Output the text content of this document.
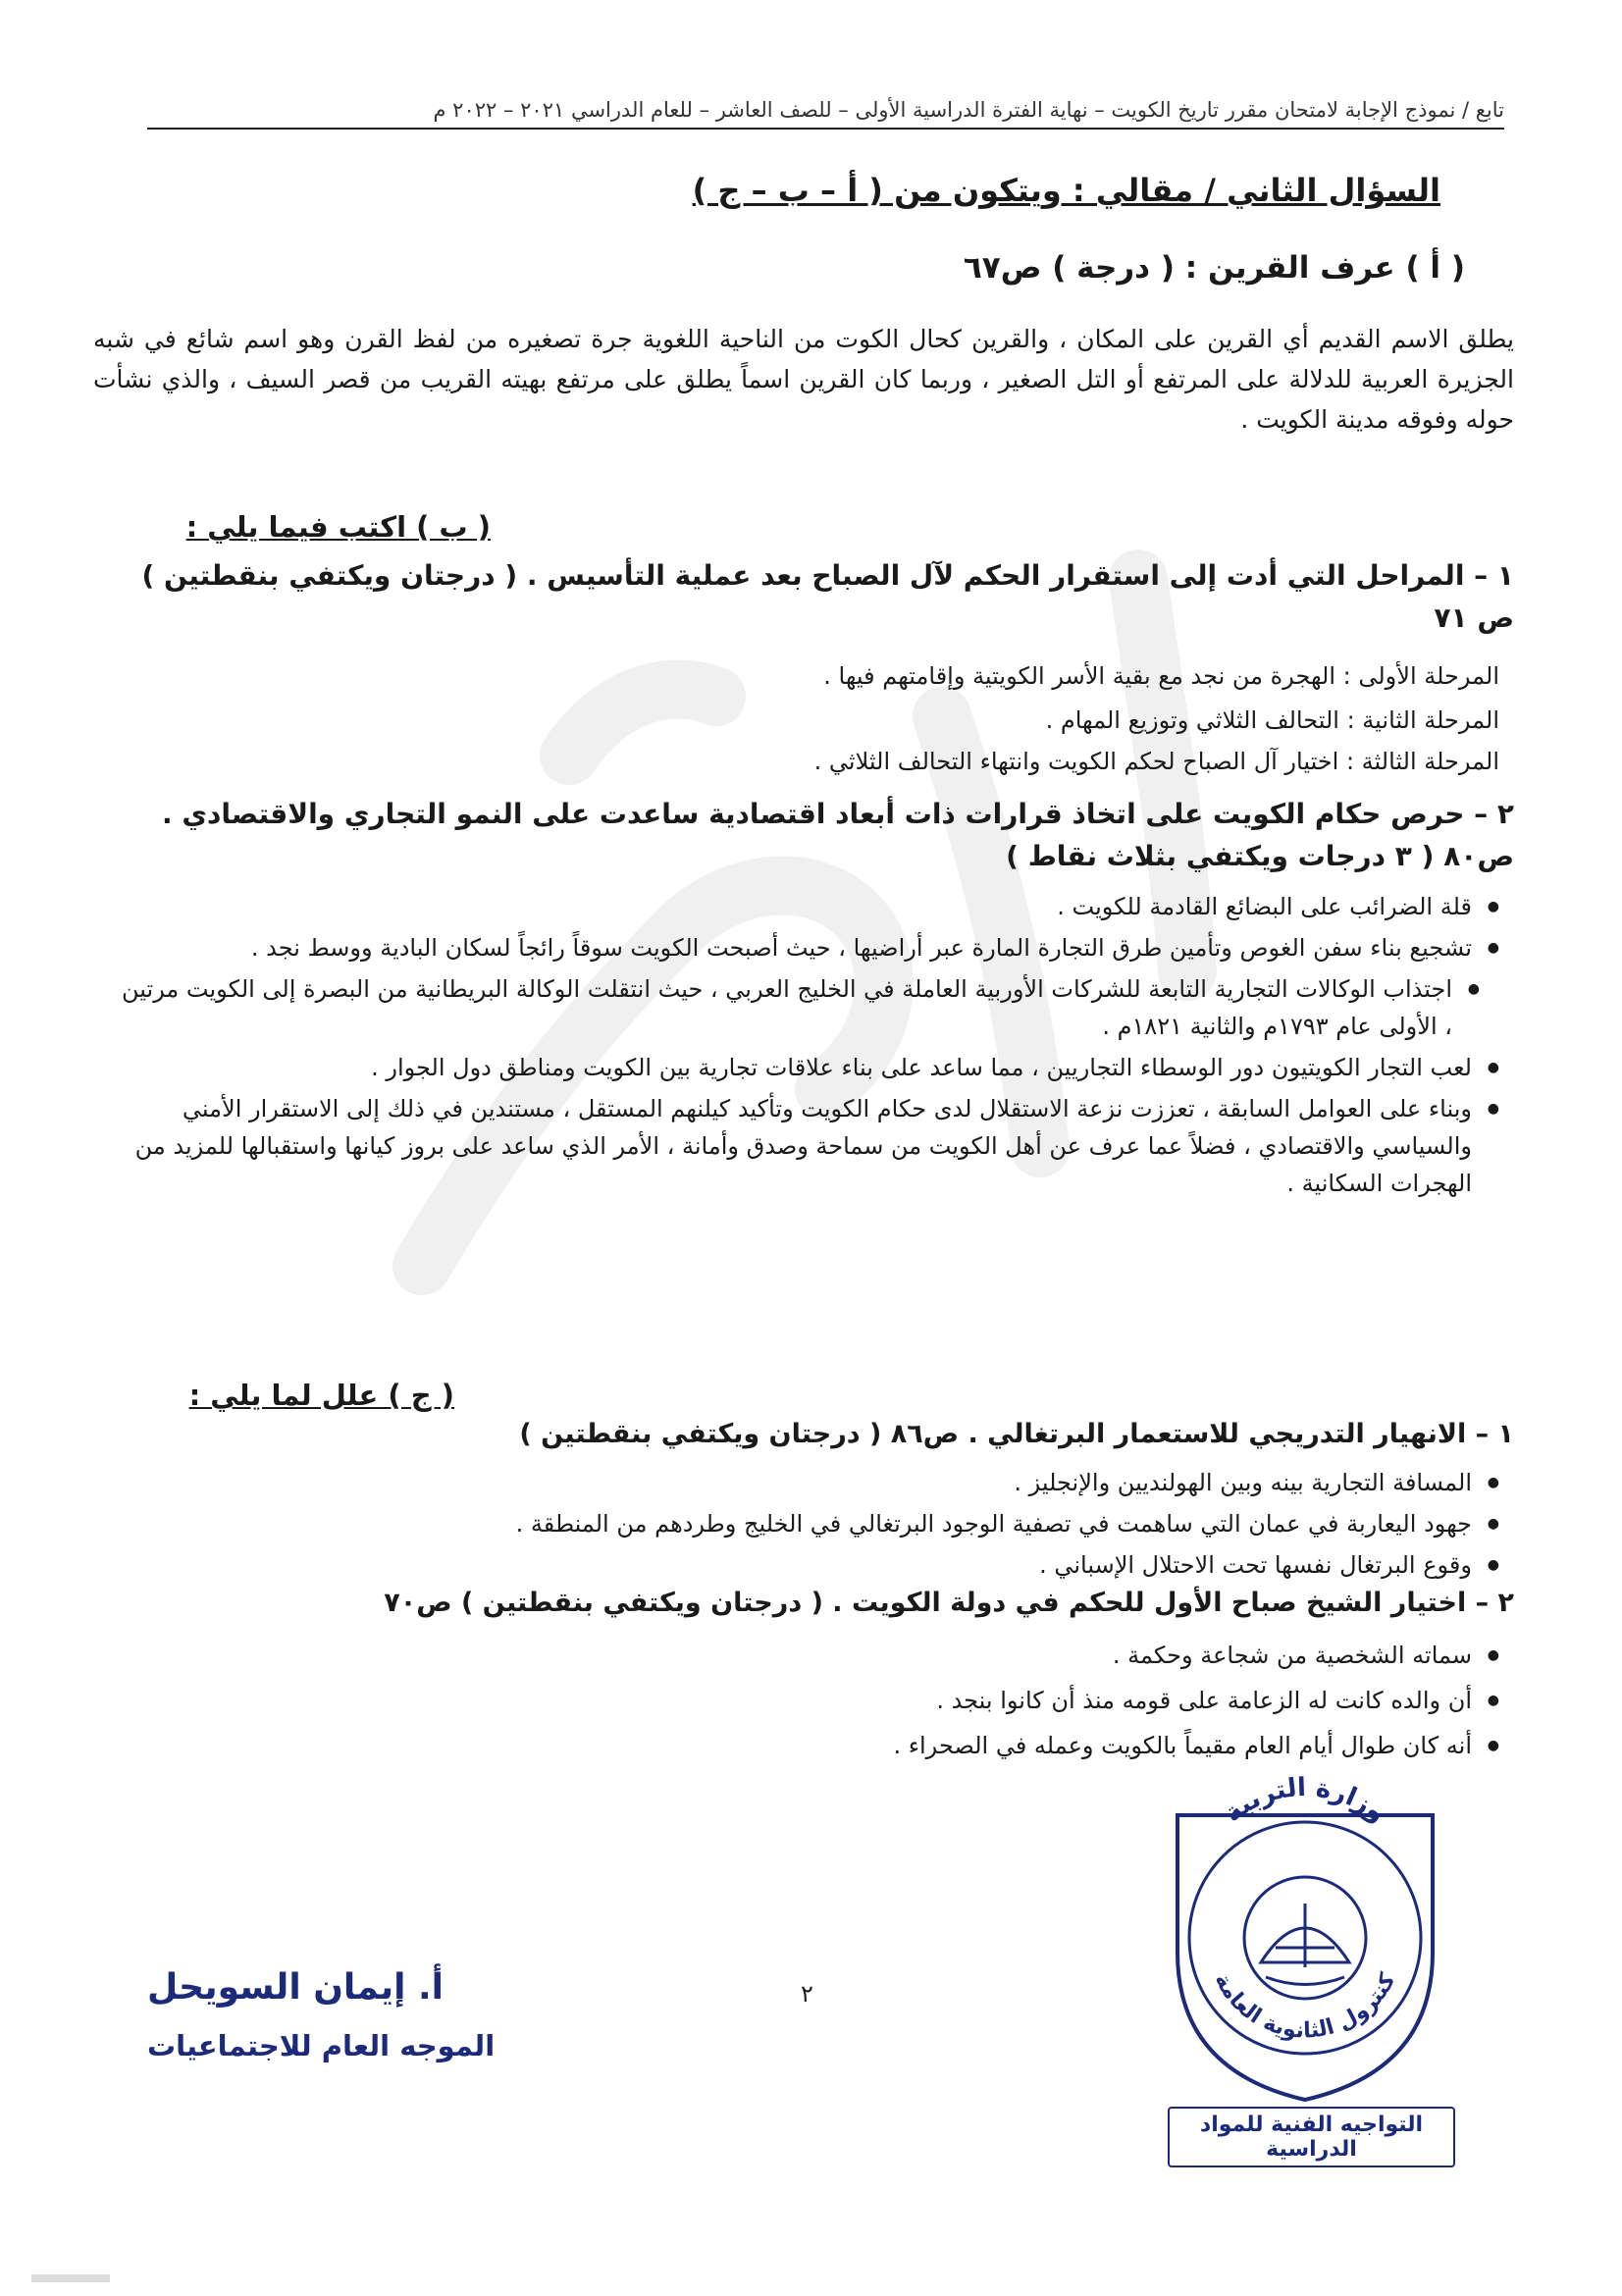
تابع / نموذج الإجابة لامتحان مقرر تاريخ الكويت – نهاية الفترة الدراسية الأولى – للصف العاشر – للعام الدراسي ٢٠٢١ – ٢٠٢٢ م
السؤال الثاني / مقالي : ويتكون من ( أ – ب – ج )
( أ ) عرف القرين : ( درجة ) ص٦٧
يطلق الاسم القديم أي القرين على المكان ، والقرين كحال الكوت من الناحية اللغوية جرة تصغيره من لفظ القرن وهو اسم شائع في شبه الجزيرة العربية للدلالة على المرتفع أو التل الصغير ، وربما كان القرين اسماً يطلق على مرتفع بهيته القريب من قصر السيف ، والذي نشأت حوله وفوقه مدينة الكويت .
( ب ) اكتب فيما يلي :
١ – المراحل التي أدت إلى استقرار الحكم لآل الصباح بعد عملية التأسيس . ( درجتان ويكتفي بنقطتين ) ص ٧١
المرحلة الأولى : الهجرة من نجد مع بقية الأسر الكويتية وإقامتهم فيها .
المرحلة الثانية : التحالف الثلاثي وتوزيع المهام .
المرحلة الثالثة : اختيار آل الصباح لحكم الكويت وانتهاء التحالف الثلاثي .
٢ – حرص حكام الكويت على اتخاذ قرارات ذات أبعاد اقتصادية ساعدت على النمو التجاري والاقتصادي . ص٨٠ ( ٣ درجات ويكتفي بثلاث نقاط )
● قلة الضرائب على البضائع القادمة للكويت .
● تشجيع بناء سفن الغوص وتأمين طرق التجارة المارة عبر أراضيها ، حيث أصبحت الكويت سوقاً رائجاً لسكان البادية ووسط نجد .
● اجتذاب الوكالات التجارية التابعة للشركات الأوربية العاملة في الخليج العربي ، حيث انتقلت الوكالة البريطانية من البصرة إلى الكويت مرتين ، الأولى عام ١٧٩٣م والثانية ١٨٢١م .
● لعب التجار الكويتيون دور الوسطاء التجاريين ، مما ساعد على بناء علاقات تجارية بين الكويت ومناطق دول الجوار .
● وبناء على العوامل السابقة ، تعززت نزعة الاستقلال لدى حكام الكويت وتأكيد كيلنهم المستقل ، مستندين في ذلك إلى الاستقرار الأمني والسياسي والاقتصادي ، فضلاً عما عرف عن أهل الكويت من سماحة وصدق وأمانة ، الأمر الذي ساعد على بروز كيانها واستقبالها للمزيد من الهجرات السكانية .
( ج ) علل لما يلي :
١ – الانهيار التدريجي للاستعمار البرتغالي . ص٨٦ ( درجتان ويكتفي بنقطتين )
● المسافة التجارية بينه وبين الهولنديين والإنجليز .
● جهود اليعاربة في عمان التي ساهمت في تصفية الوجود البرتغالي في الخليج وطردهم من المنطقة .
● وقوع البرتغال نفسها تحت الاحتلال الإسباني .
٢ – اختيار الشيخ صباح الأول للحكم في دولة الكويت . ( درجتان ويكتفي بنقطتين ) ص٧٠
● سماته الشخصية من شجاعة وحكمة .
● أن والده كانت له الزعامة على قومه منذ أن كانوا بنجد .
● أنه كان طوال أيام العام مقيماً بالكويت وعمله في الصحراء .
٢
أ. إيمان السويحل
الموجه العام للاجتماعيات
وزارة التربية
كنترول الثانوية العامة
التواجيه الفنية للمواد الدراسية
